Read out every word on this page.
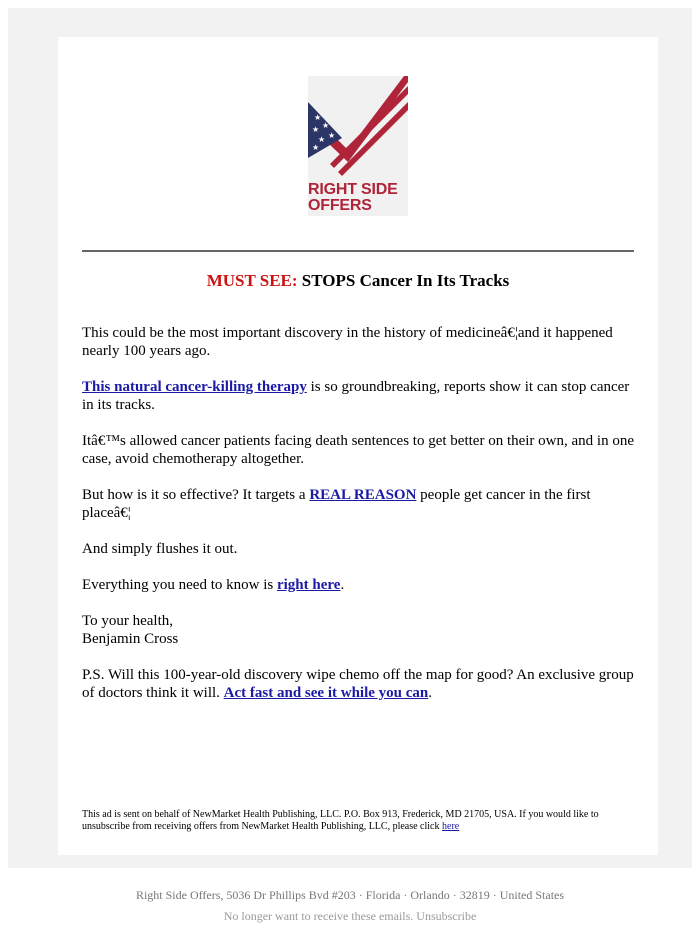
★
★
★
★
★
★
RIGHT SIDE
OFFERS
MUST SEE: STOPS Cancer In Its Tracks

This could be the most important discovery in the history of medicineâ€¦and it happened nearly 100 years ago.

This natural cancer-killing therapy is so groundbreaking, reports show it can stop cancer in its tracks.

Itâ€™s allowed cancer patients facing death sentences to get better on their own, and in one case, avoid chemotherapy altogether.

But how is it so effective? It targets a REAL REASON people get cancer in the first placeâ€¦

And simply flushes it out.

Everything you need to know is right here.

To your health,
Benjamin Cross

P.S. Will this 100-year-old discovery wipe chemo off the map for good? An exclusive group of doctors think it will. Act fast and see it while you can.

This ad is sent on behalf of NewMarket Health Publishing, LLC. P.O. Box 913, Frederick, MD 21705, USA. If you would like to unsubscribe from receiving offers from NewMarket Health Publishing, LLC, please click here
Right Side Offers, 5036 Dr Phillips Bvd #203 · Florida · Orlando · 32819 · United States
No longer want to receive these emails. Unsubscribe
